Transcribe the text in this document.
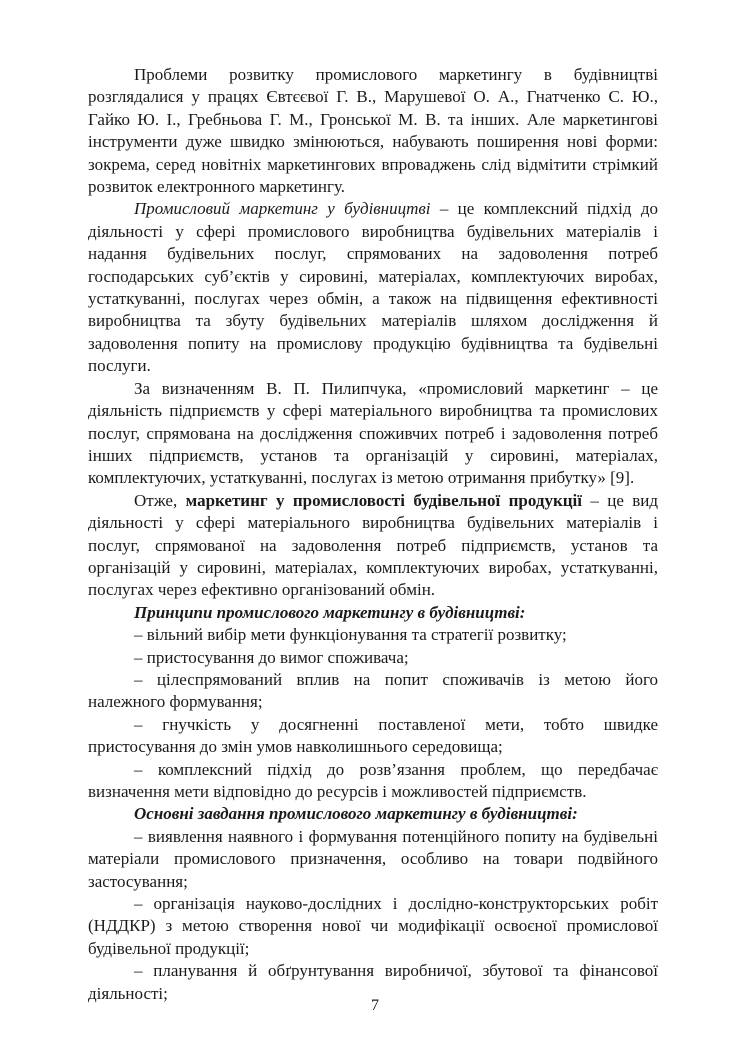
Проблеми розвитку промислового маркетингу в будівництві розглядалися у працях Євтєєвої Г. В., Марушевої О. А., Гнатченко С. Ю., Гайко Ю. І., Гребньова Г. М., Гронської М. В. та інших. Але маркетингові інструменти дуже швидко змінюються, набувають поширення нові форми: зокрема, серед новітніх маркетингових впроваджень слід відмітити стрімкий розвиток електронного маркетингу.

Промисловий маркетинг у будівництві – це комплексний підхід до діяльності у сфері промислового виробництва будівельних матеріалів і надання будівельних послуг, спрямованих на задоволення потреб господарських суб’єктів у сировині, матеріалах, комплектуючих виробах, устаткуванні, послугах через обмін, а також на підвищення ефективності виробництва та збуту будівельних матеріалів шляхом дослідження й задоволення попиту на промислову продукцію будівництва та будівельні послуги.

За визначенням В. П. Пилипчука, «промисловий маркетинг – це діяльність підприємств у сфері матеріального виробництва та промислових послуг, спрямована на дослідження споживчих потреб і задоволення потреб інших підприємств, установ та організацій у сировині, матеріалах, комплектуючих, устаткуванні, послугах із метою отримання прибутку» [9].

Отже, маркетинг у промисловості будівельної продукції – це вид діяльності у сфері матеріального виробництва будівельних матеріалів і послуг, спрямованої на задоволення потреб підприємств, установ та організацій у сировині, матеріалах, комплектуючих виробах, устаткуванні, послугах через ефективно організований обмін.

Принципи промислового маркетингу в будівництві:

– вільний вибір мети функціонування та стратегії розвитку;

– пристосування до вимог споживача;

– цілеспрямований вплив на попит споживачів із метою його належного формування;

– гнучкість у досягненні поставленої мети, тобто швидке пристосування до змін умов навколишнього середовища;

– комплексний підхід до розв’язання проблем, що передбачає визначення мети відповідно до ресурсів і можливостей підприємств.

Основні завдання промислового маркетингу в будівництві:

– виявлення наявного і формування потенційного попиту на будівельні матеріали промислового призначення, особливо на товари подвійного застосування;

– організація науково-дослідних і дослідно-конструкторських робіт (НДДКР) з метою створення нової чи модифікації освоєної промислової будівельної продукції;

– планування й обґрунтування виробничої, збутової та фінансової діяльності;

7
